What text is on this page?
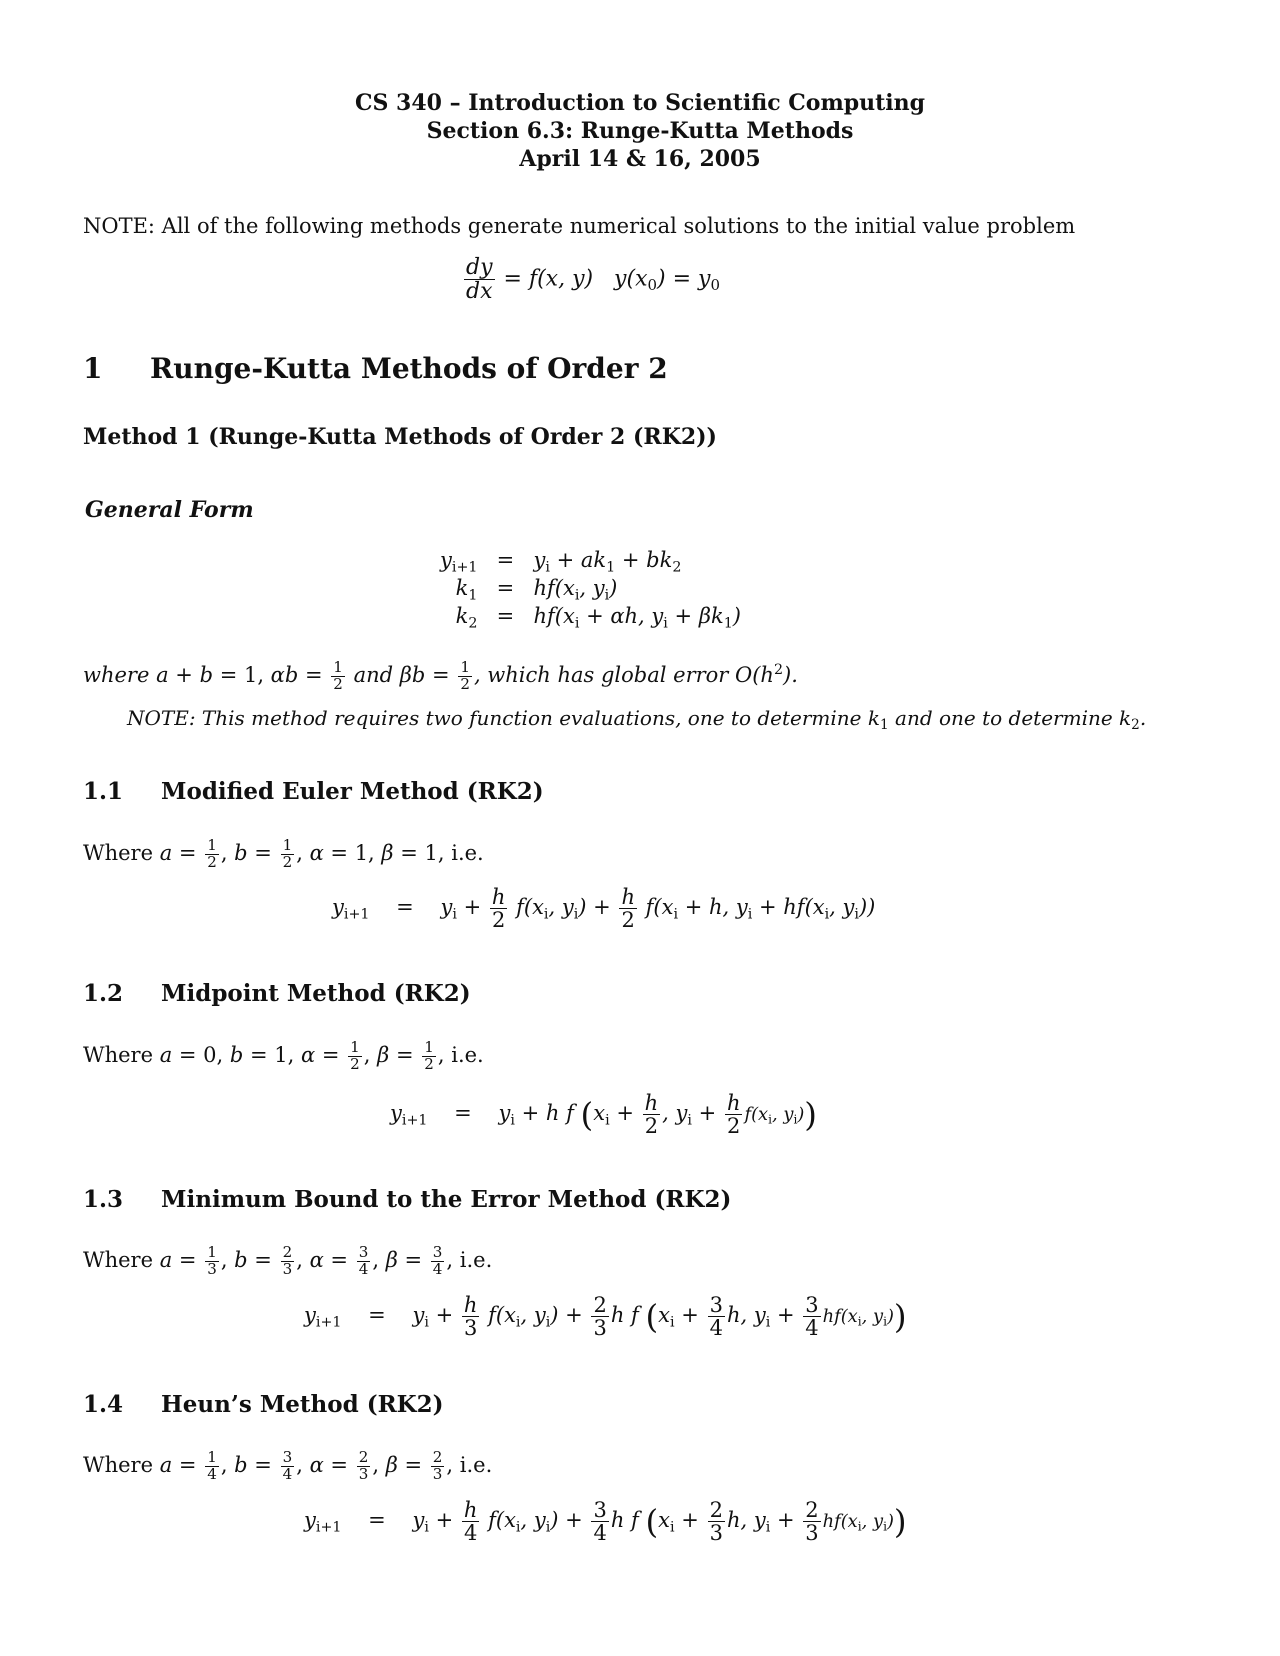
CS 340 – Introduction to Scientific Computing
Section 6.3: Runge-Kutta Methods
April 14 & 16, 2005
NOTE: All of the following methods generate numerical solutions to the initial value problem
$\frac{dy}{dx} = f(x$, y)   $y(x_0) = y_0$
1 Runge-Kutta Methods of Order 2
Method 1 (Runge-Kutta Methods of Order 2 (RK2))
General Form
$y_{i+1} = y_i + ak_1 + bk_2$
$k_1 = hf(x_i$, $y_i$)
$k_2 = hf(x_i + \alpha h$, $y_i + \beta k_1$)
where a + b = 1, $\alpha b = \frac{1}{2}$ and $\beta b = \frac{1}{2}$ , which has global error $O(h^2)$.
NOTE: This method requires two function evaluations, one to determine $k_1$ and one to determine $k_2$.
1.1 Modified Euler Method (RK2)
Where $a = \frac{1}{2}$ , $b = \frac{1}{2}$ , α = 1, β = 1, i.e.
$y_{i+1}$ =    $y_i + \frac{h}{2} f(x_i$, $y_i) + \frac{h}{2} f(x_i + h$, $y_i + hf(x_i$, $y_i$))
1.2 Midpoint Method (RK2)
Where a = 0, b = 1, $\alpha = \frac{1}{2}$ , $\beta = \frac{1}{2}$ , i.e.
$y_{i+1}$ =    $y_i + h$ f ($x_i + \frac{h}{2}$ , $y_i + \frac{h}{2} f(x_i$, $y_i$))
1.3 Minimum Bound to the Error Method (RK2)
Where $a = \frac{1}{3}$ , $b = \frac{2}{3}$ , $\alpha = \frac{3}{4}$ , $\beta = \frac{3}{4}$ , i.e.
$y_{i+1}$ =    $y_i + \frac{h}{3} f(x_i$, $y_i) + \frac{2}{3}$ h f ($x_i + \frac{3}{4} h$, $y_i + \frac{3}{4} hf(x_i$, $y_i$))
1.4 Heun’s Method (RK2)
Where $a = \frac{1}{4}$ , $b = \frac{3}{4}$ , $\alpha = \frac{2}{3}$ , $\beta = \frac{2}{3}$ , i.e.
$y_{i+1}$ =    $y_i + \frac{h}{4} f(x_i$, $y_i) + \frac{3}{4}$ h f ($x_i + \frac{2}{3} h$, $y_i + \frac{2}{3} hf(x_i$, $y_i$))
